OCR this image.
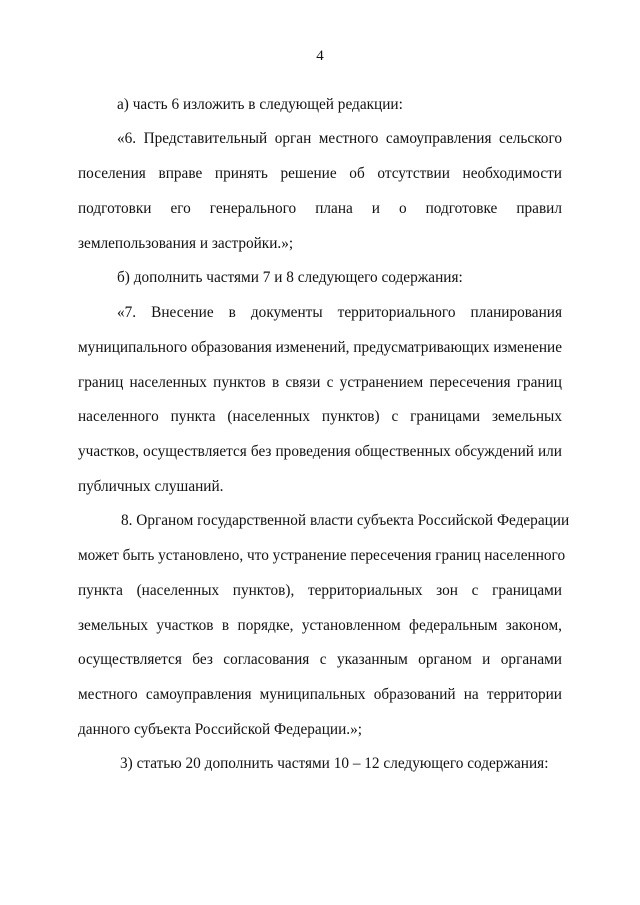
4
а) часть 6 изложить в следующей редакции:
«6. Представительный орган местного самоуправления сельского
поселения вправе принять решение об отсутствии необходимости
подготовки его генерального плана и о подготовке правил
землепользования и застройки.»;
б) дополнить частями 7 и 8 следующего содержания:
«7. Внесение в документы территориального планирования
муниципального образования изменений, предусматривающих изменение
границ населенных пунктов в связи с устранением пересечения границ
населенного пункта (населенных пунктов) с границами земельных
участков, осуществляется без проведения общественных обсуждений или
публичных слушаний.
8. Органом государственной власти субъекта Российской Федерации
может быть установлено, что устранение пересечения границ населенного
пункта (населенных пунктов), территориальных зон с границами
земельных участков в порядке, установленном федеральным законом,
осуществляется без согласования с указанным органом и органами
местного самоуправления муниципальных образований на территории
данного субъекта Российской Федерации.»;
3) статью 20 дополнить частями 10 – 12 следующего содержания:
